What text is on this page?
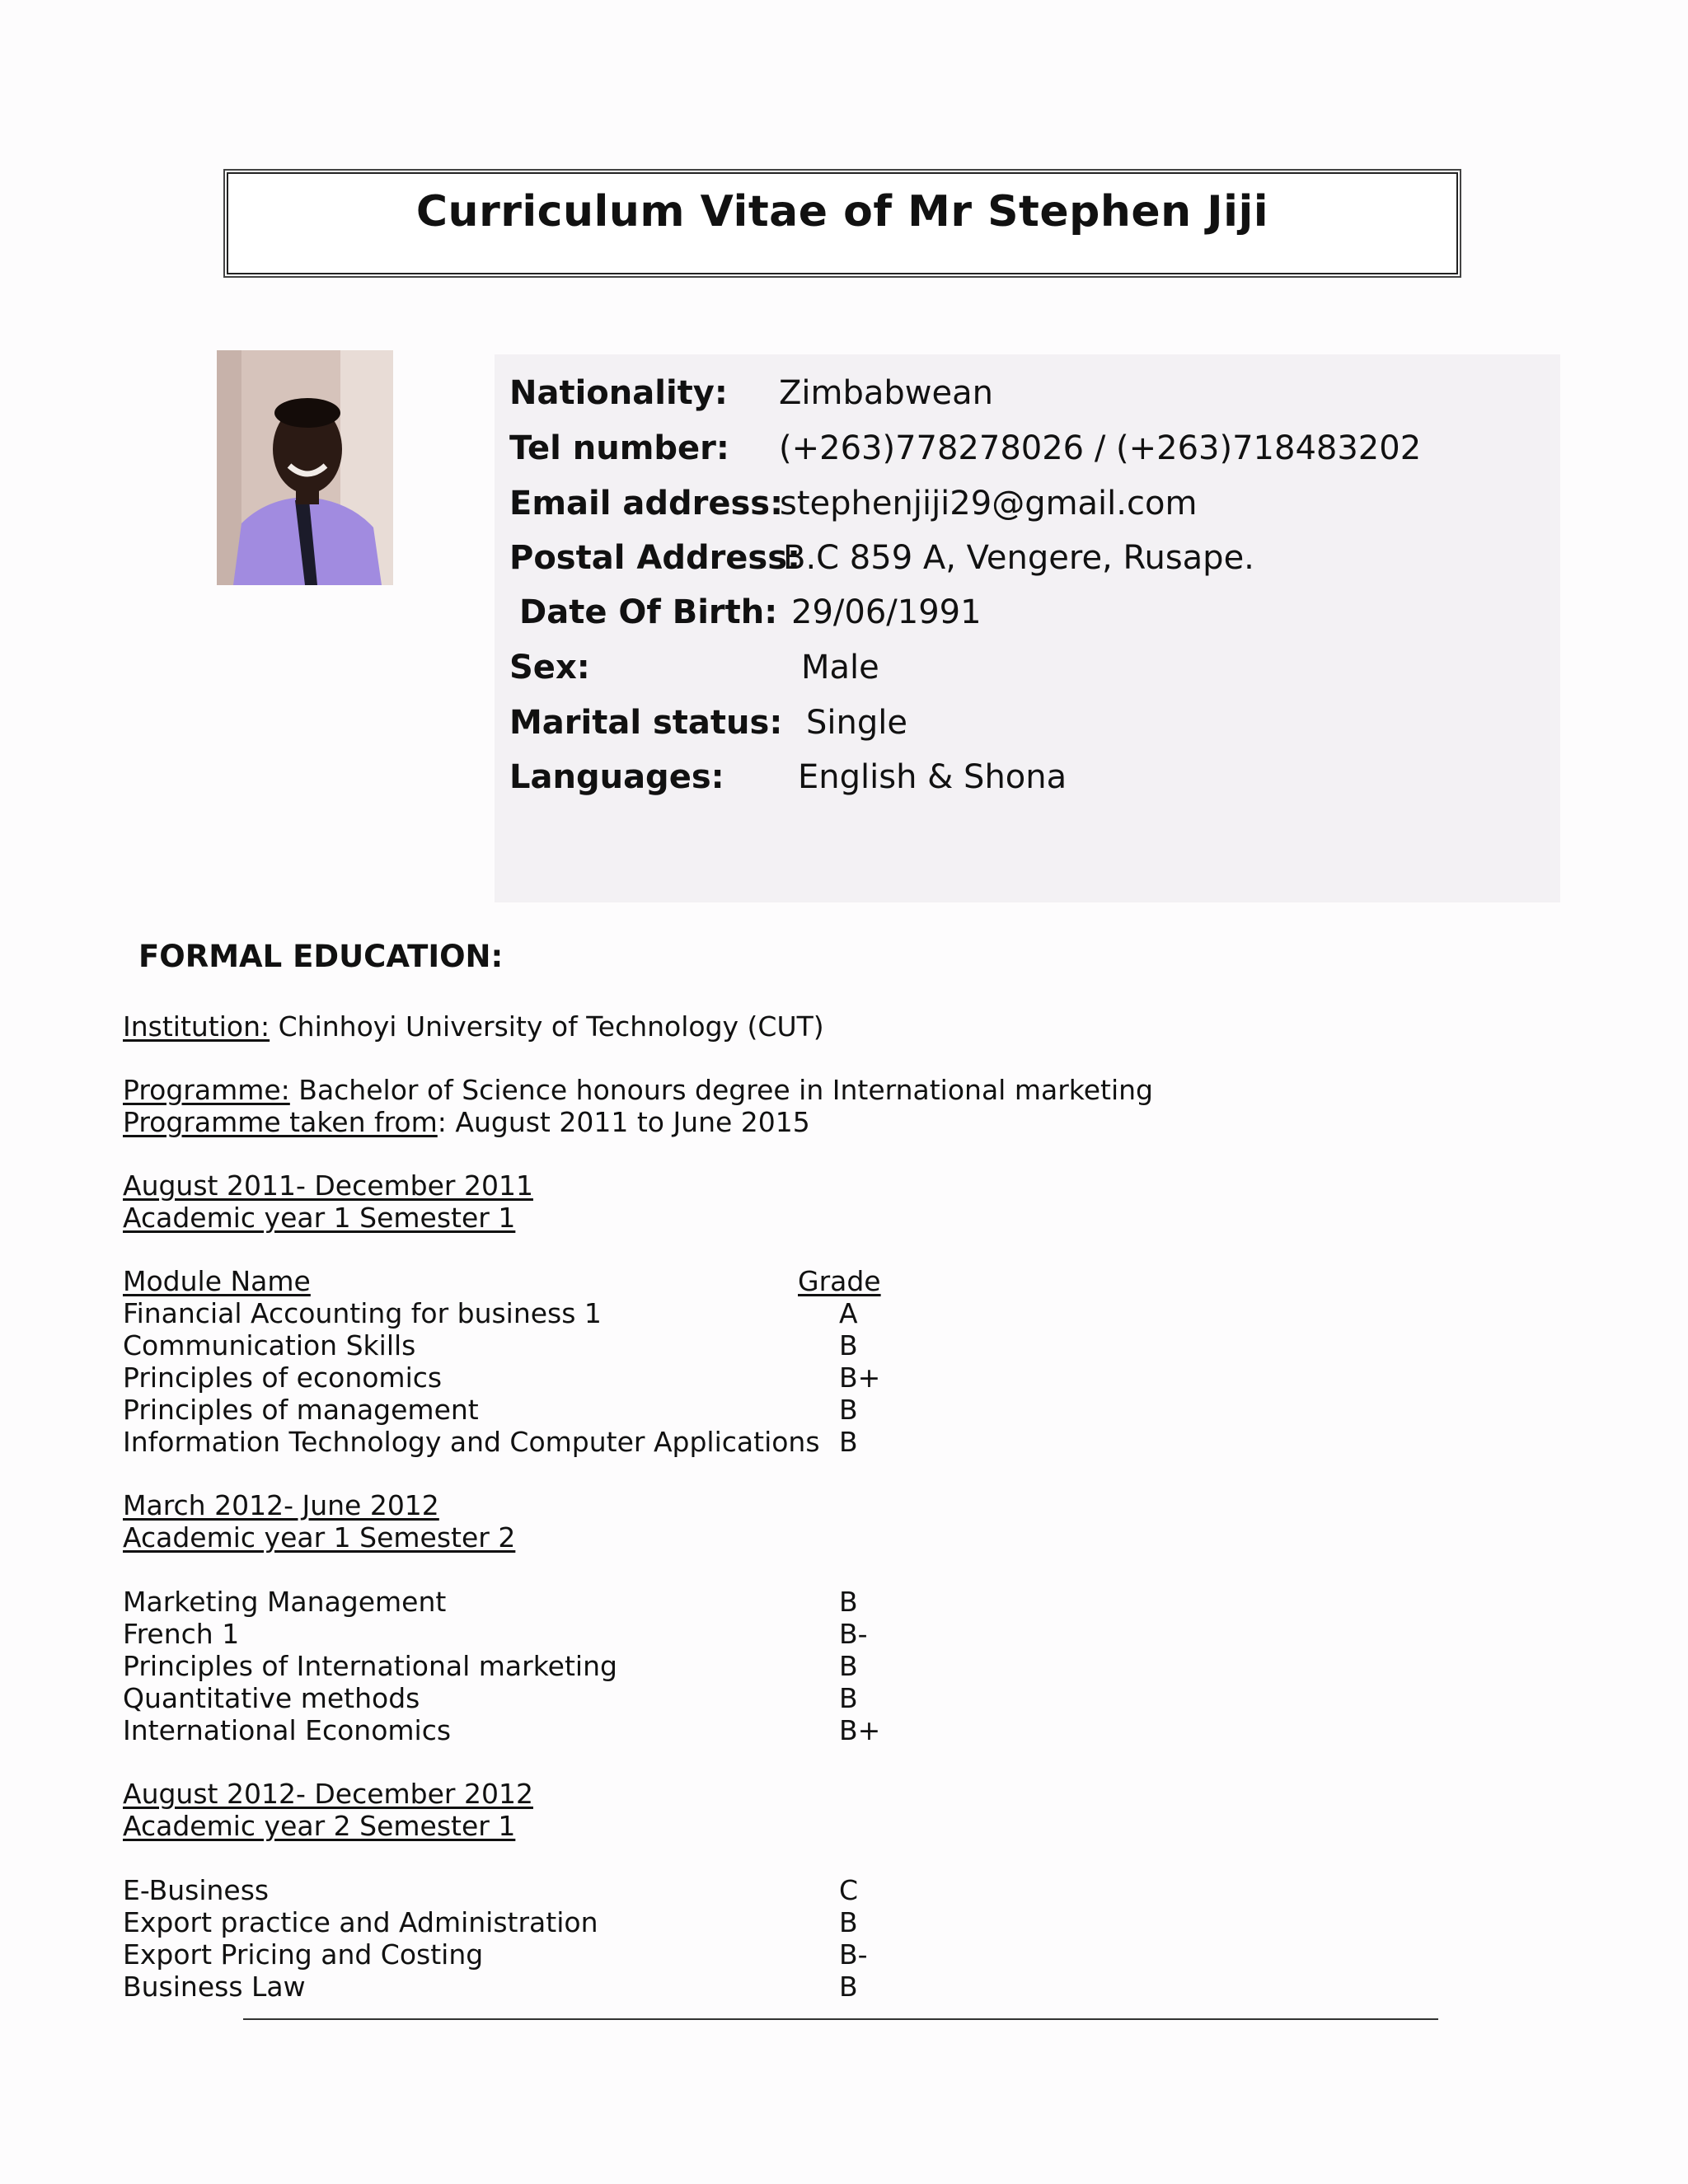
Curriculum Vitae of Mr Stephen Jiji
Nationality: Zimbabwean
Tel number: (+263)778278026 / (+263)718483202
Email address:
stephenjiji29@gmail.com
Postal Address:
B.C 859 A, Vengere, Rusape.
Date Of Birth: 29/06/1991
Sex:	Male
Marital status: Single
Languages: English & Shona
FORMAL EDUCATION:
Institution: Chinhoyi University of Technology (CUT)
Programme: Bachelor of Science honours degree in International marketing
Programme taken from: August 2011 to June 2015
August 2011- December 2011
Academic year 1 Semester 1
Module Name	Grade
Financial Accounting for business 1	A
Communication Skills	B
Principles of economics	B+
Principles of management	B
Information Technology and Computer Applications B
March 2012- June 2012
Academic year 1 Semester 2
Marketing Management	B
French 1	B-
Principles of International marketing	B
Quantitative methods	B
International Economics	B+
August 2012- December 2012
Academic year 2 Semester 1
E-Business	C
Export practice and Administration	B
Export Pricing and Costing	B-
Business Law	B
